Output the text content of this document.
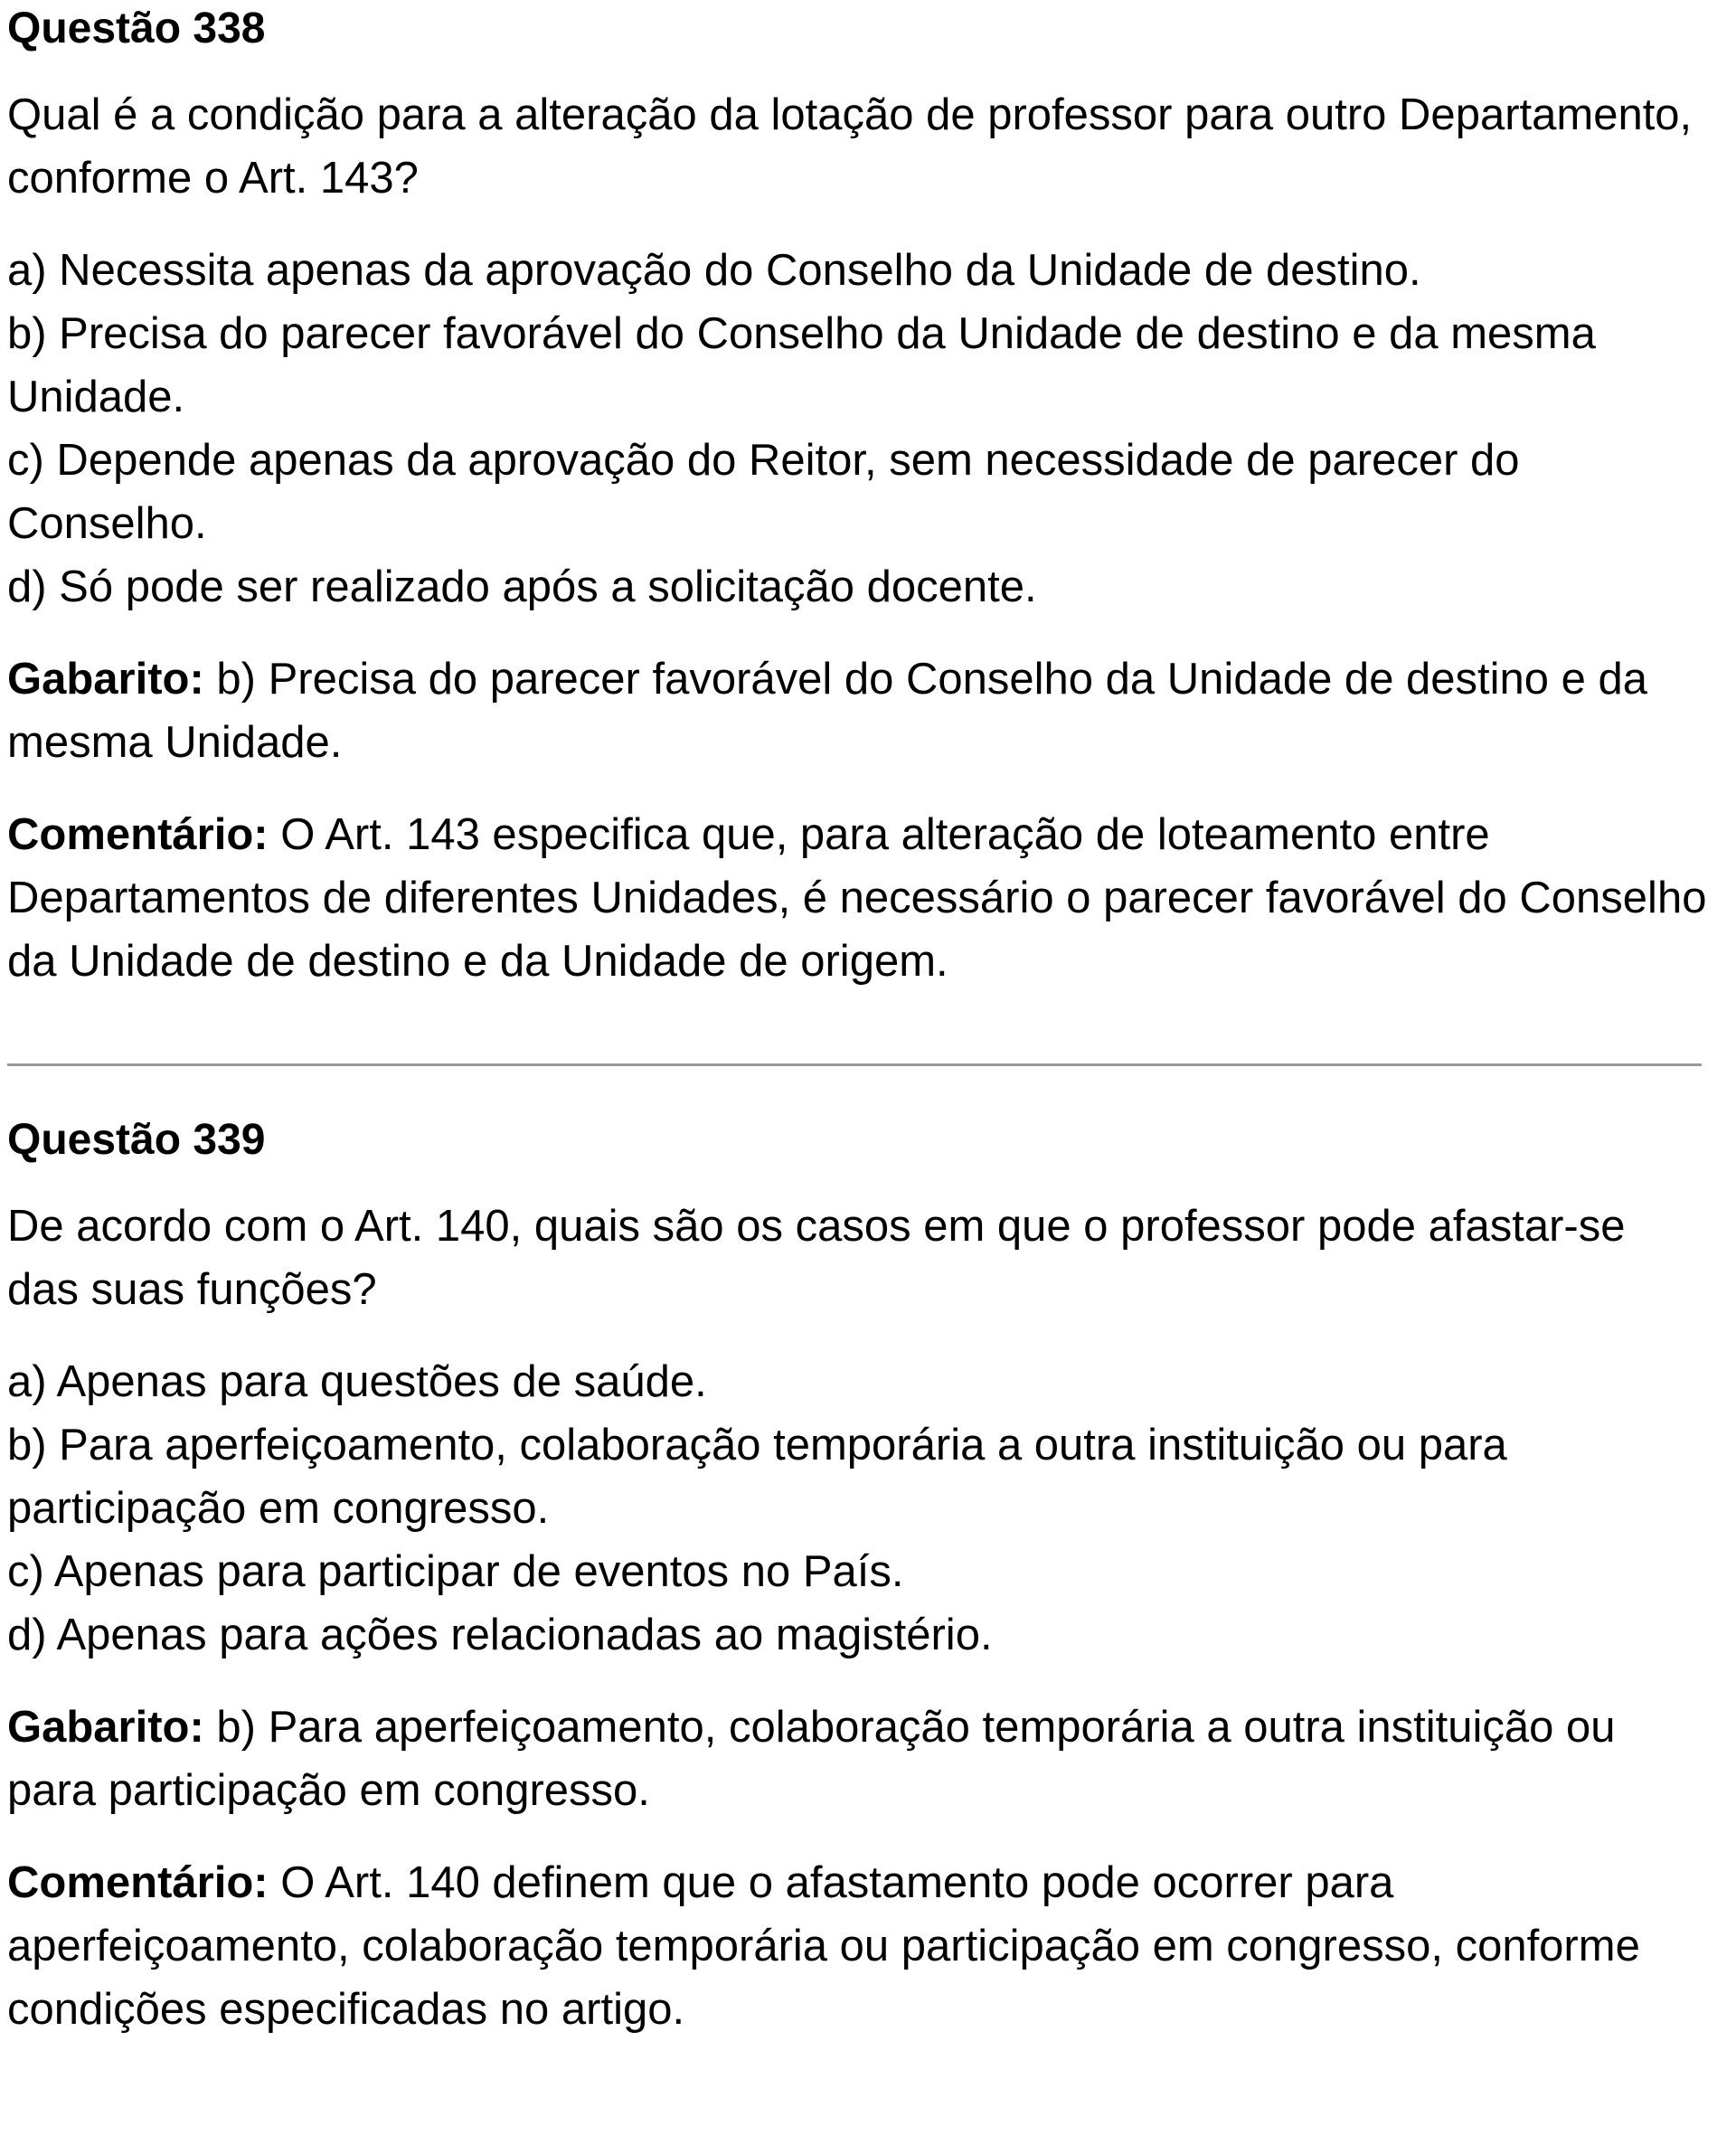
Questão 338

Qual é a condição para a alteração da lotação de professor para outro Departamento, conforme o Art. 143?

a) Necessita apenas da aprovação do Conselho da Unidade de destino.
b) Precisa do parecer favorável do Conselho da Unidade de destino e da mesma Unidade.
c) Depende apenas da aprovação do Reitor, sem necessidade de parecer do Conselho.
d) Só pode ser realizado após a solicitação docente.

Gabarito: b) Precisa do parecer favorável do Conselho da Unidade de destino e da mesma Unidade.

Comentário: O Art. 143 especifica que, para alteração de loteamento entre Departamentos de diferentes Unidades, é necessário o parecer favorável do Conselho da Unidade de destino e da Unidade de origem.

Questão 339

De acordo com o Art. 140, quais são os casos em que o professor pode afastar-se das suas funções?

a) Apenas para questões de saúde.
b) Para aperfeiçoamento, colaboração temporária a outra instituição ou para participação em congresso.
c) Apenas para participar de eventos no País.
d) Apenas para ações relacionadas ao magistério.

Gabarito: b) Para aperfeiçoamento, colaboração temporária a outra instituição ou para participação em congresso.

Comentário: O Art. 140 definem que o afastamento pode ocorrer para aperfeiçoamento, colaboração temporária ou participação em congresso, conforme condições especificadas no artigo.
